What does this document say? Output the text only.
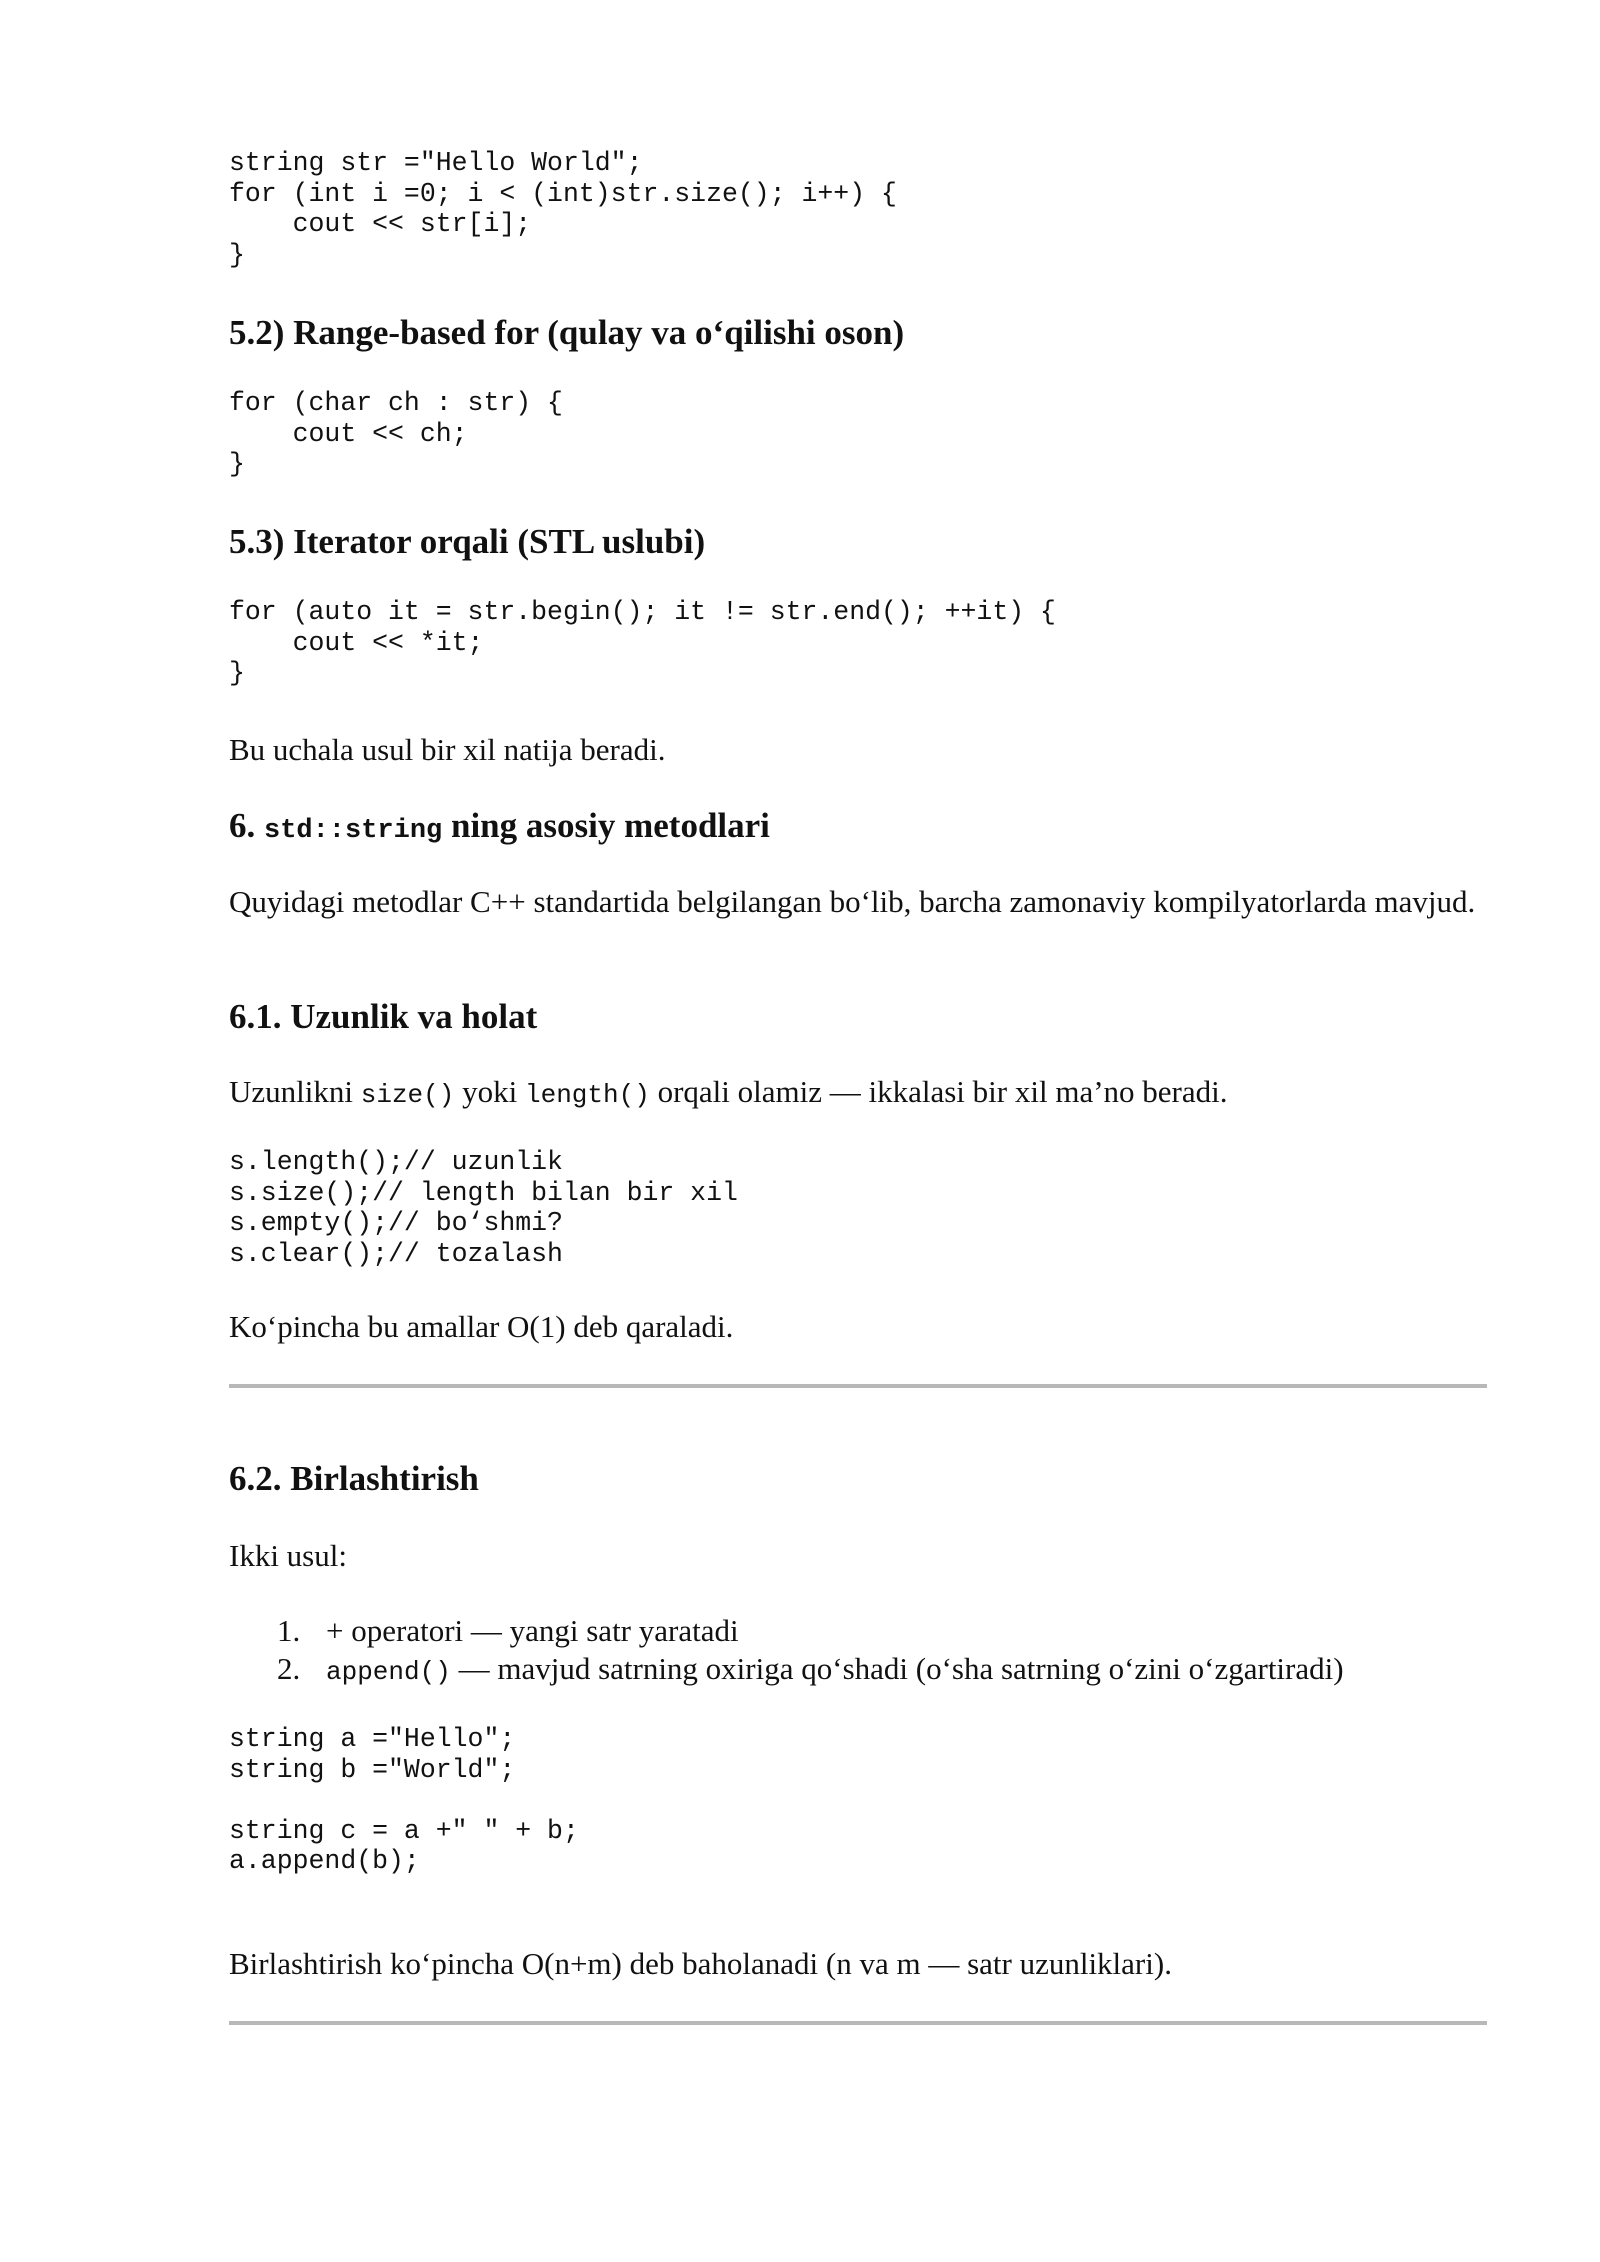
string str ="Hello World";
for (int i =0; i < (int)str.size(); i++) {
cout << str[i];
}
5.2) Range-based for (qulay va o‘qilishi oson)
for (char ch : str) {
cout << ch;
}
5.3) Iterator orqali (STL uslubi)
for (auto it = str.begin(); it != str.end(); ++it) {
cout << *it;
}

Bu uchala usul bir xil natija beradi.

6. std::string ning asosiy metodlari

Quyidagi metodlar C++ standartida belgilangan bo‘lib, barcha zamonaviy kompilyatorlarda mavjud.

6.1. Uzunlik va holat

Uzunlikni size() yoki length() orqali olamiz — ikkalasi bir xil ma’no beradi.

s.length();// uzunlik
s.size();// length bilan bir xil
s.empty();// bo‘shmi?
s.clear();// tozalash

Ko‘pincha bu amallar O(1) deb qaraladi.

6.2. Birlashtirish

Ikki usul:

1. + operatori — yangi satr yaratadi
2. append() — mavjud satrning oxiriga qo‘shadi (o‘sha satrning o‘zini o‘zgartiradi)
string a ="Hello";
string b ="World";

string c = a +" " + b;
a.append(b);

Birlashtirish ko‘pincha O(n+m) deb baholanadi (n va m — satr uzunliklari).
